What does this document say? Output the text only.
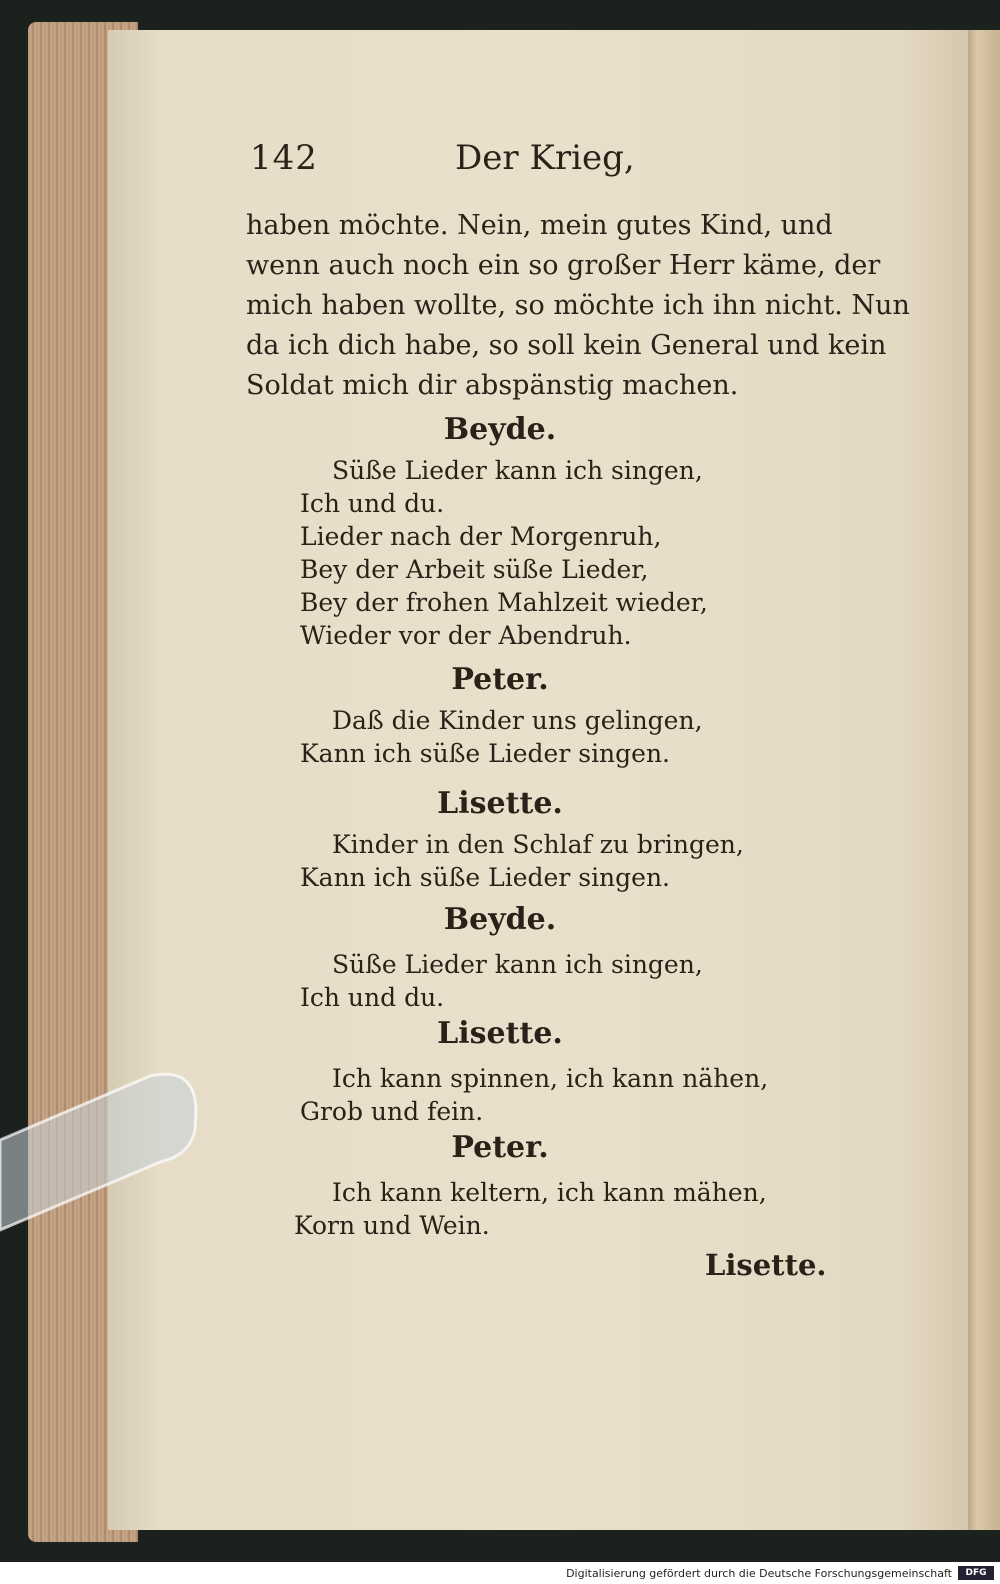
142	Der Krieg,
haben möchte. Nein, mein gutes Kind, und
wenn auch noch ein so großer Herr käme, der
mich haben wollte, so möchte ich ihn nicht. Nun
da ich dich habe, so soll kein General und kein
Soldat mich dir abspänstig machen.
Beyde.
Süße Lieder kann ich singen,
Ich und du.
Lieder nach der Morgenruh,
Bey der Arbeit süße Lieder,
Bey der frohen Mahlzeit wieder,
Wieder vor der Abendruh.
Peter.
Daß die Kinder uns gelingen,
Kann ich süße Lieder singen.
Lisette.
Kinder in den Schlaf zu bringen,
Kann ich süße Lieder singen.
Beyde.
Süße Lieder kann ich singen,
Ich und du.
Lisette.
Ich kann spinnen, ich kann nähen,
Grob und fein.
Peter.
Ich kann keltern, ich kann mähen,
Korn und Wein.
Lisette.
Digitalisierung gefördert durch die Deutsche Forschungsgemeinschaft	DFG
